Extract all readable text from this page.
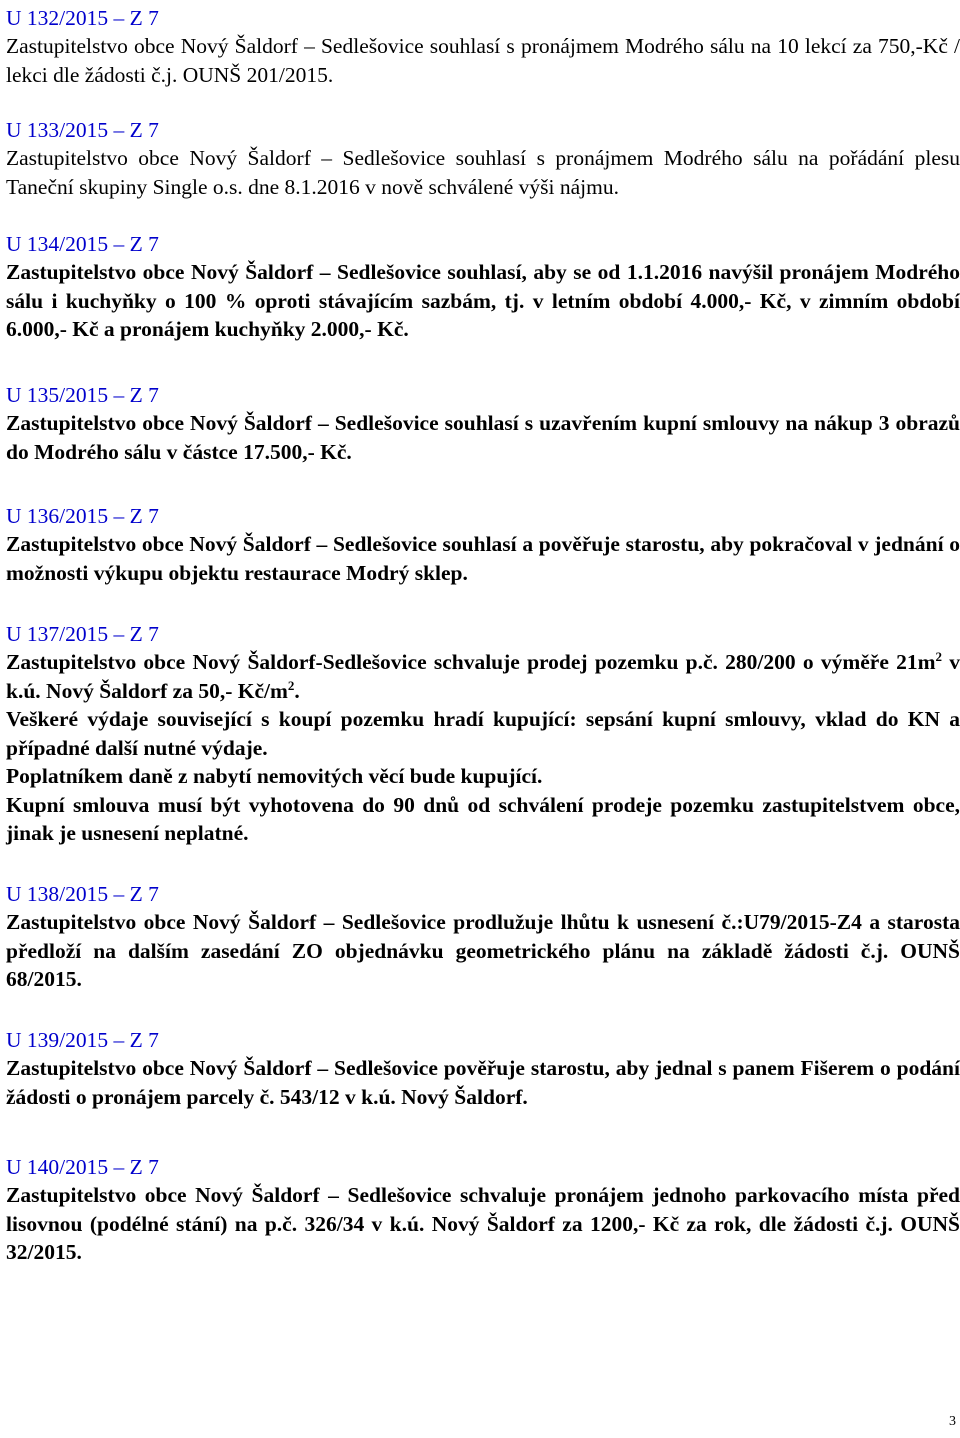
U 132/2015 – Z 7
Zastupitelstvo obce Nový Šaldorf – Sedlešovice souhlasí s pronájmem Modrého sálu na 10 lekcí za 750,-Kč / lekci dle žádosti č.j. OUNŠ 201/2015.
U 133/2015 – Z 7
Zastupitelstvo obce Nový Šaldorf – Sedlešovice souhlasí s pronájmem Modrého sálu na pořádání plesu Taneční skupiny Single o.s. dne 8.1.2016 v nově schválené výši nájmu.
U 134/2015 – Z 7
Zastupitelstvo obce Nový Šaldorf – Sedlešovice souhlasí, aby se od 1.1.2016 navýšil pronájem Modrého sálu i kuchyňky o 100 % oproti stávajícím sazbám, tj. v letním období 4.000,- Kč, v zimním období 6.000,- Kč a pronájem kuchyňky 2.000,- Kč.
U 135/2015 – Z 7
Zastupitelstvo obce Nový Šaldorf – Sedlešovice souhlasí s uzavřením kupní smlouvy na nákup 3 obrazů do Modrého sálu v částce 17.500,- Kč.
U 136/2015 – Z 7
Zastupitelstvo obce Nový Šaldorf – Sedlešovice souhlasí a pověřuje starostu, aby pokračoval v jednání o možnosti výkupu objektu restaurace Modrý sklep.
U 137/2015 – Z 7
Zastupitelstvo obce Nový Šaldorf-Sedlešovice schvaluje prodej pozemku p.č. 280/200 o výměře $21m^2$ v k.ú. Nový Šaldorf za 50,- $Kč/m^2$.
Veškeré výdaje související s koupí pozemku hradí kupující: sepsání kupní smlouvy, vklad do KN a případné další nutné výdaje.
Poplatníkem daně z nabytí nemovitých věcí bude kupující.
Kupní smlouva musí být vyhotovena do 90 dnů od schválení prodeje pozemku zastupitelstvem obce, jinak je usnesení neplatné.
U 138/2015 – Z 7
Zastupitelstvo obce Nový Šaldorf – Sedlešovice prodlužuje lhůtu k usnesení č.:U79/2015-Z4 a starosta předloží na dalším zasedání ZO objednávku geometrického plánu na základě žádosti č.j. OUNŠ 68/2015.
U 139/2015 – Z 7
Zastupitelstvo obce Nový Šaldorf – Sedlešovice pověřuje starostu, aby jednal s panem Fišerem o podání žádosti o pronájem parcely č. 543/12 v k.ú. Nový Šaldorf.
U 140/2015 – Z 7
Zastupitelstvo obce Nový Šaldorf – Sedlešovice schvaluje pronájem jednoho parkovacího místa před lisovnou (podélné stání) na p.č. 326/34 v k.ú. Nový Šaldorf za 1200,- Kč za rok, dle žádosti č.j. OUNŠ 32/2015.
3
